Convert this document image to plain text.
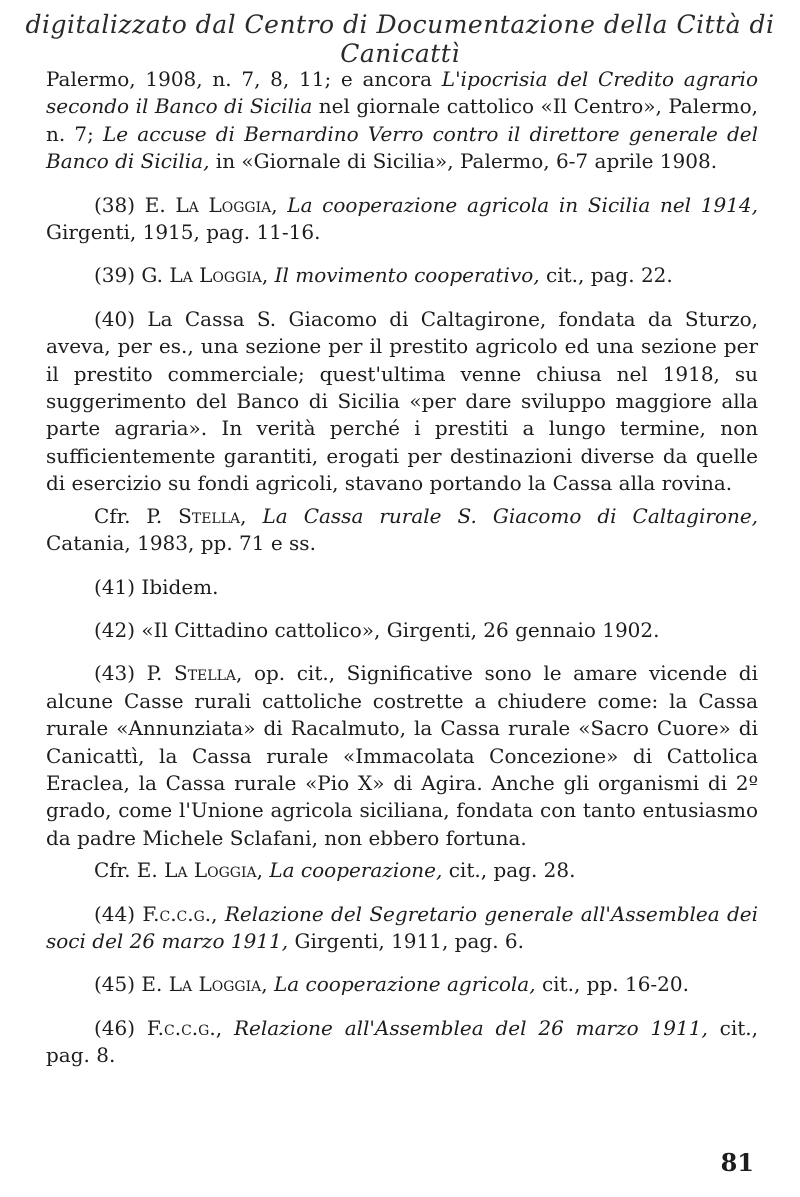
digitalizzato dal Centro di Documentazione della Città di Canicattì

Palermo, 1908, n. 7, 8, 11; e ancora L'ipocrisia del Credito agrario secondo il Banco di Sicilia nel giornale cattolico «Il Centro», Palermo, n. 7; Le accuse di Bernardino Verro contro il direttore generale del Banco di Sicilia, in «Giornale di Sicilia», Palermo, 6-7 aprile 1908.

(38) E. La Loggia, La cooperazione agricola in Sicilia nel 1914, Girgenti, 1915, pag. 11-16.

(39) G. La Loggia, Il movimento cooperativo, cit., pag. 22.

(40) La Cassa S. Giacomo di Caltagirone, fondata da Sturzo, aveva, per es., una sezione per il prestito agricolo ed una sezione per il prestito commerciale; quest'ultima venne chiusa nel 1918, su suggerimento del Banco di Sicilia «per dare sviluppo maggiore alla parte agraria». In verità perché i prestiti a lungo termine, non sufficientemente garantiti, erogati per destinazioni diverse da quelle di esercizio su fondi agricoli, stavano portando la Cassa alla rovina.

Cfr. P. Stella, La Cassa rurale S. Giacomo di Caltagirone, Catania, 1983, pp. 71 e ss.

(41) Ibidem.

(42) «Il Cittadino cattolico», Girgenti, 26 gennaio 1902.

(43) P. Stella, op. cit., Significative sono le amare vicende di alcune Casse rurali cattoliche costrette a chiudere come: la Cassa rurale «Annunziata» di Racalmuto, la Cassa rurale «Sacro Cuore» di Canicattì, la Cassa rurale «Immacolata Concezione» di Cattolica Eraclea, la Cassa rurale «Pio X» di Agira. Anche gli organismi di 2º grado, come l'Unione agricola siciliana, fondata con tanto entusiasmo da padre Michele Sclafani, non ebbero fortuna.

Cfr. E. La Loggia, La cooperazione, cit., pag. 28.

(44) F.c.c.g., Relazione del Segretario generale all'Assemblea dei soci del 26 marzo 1911, Girgenti, 1911, pag. 6.

(45) E. La Loggia, La cooperazione agricola, cit., pp. 16-20.

(46) F.c.c.g., Relazione all'Assemblea del 26 marzo 1911, cit., pag. 8.

81
